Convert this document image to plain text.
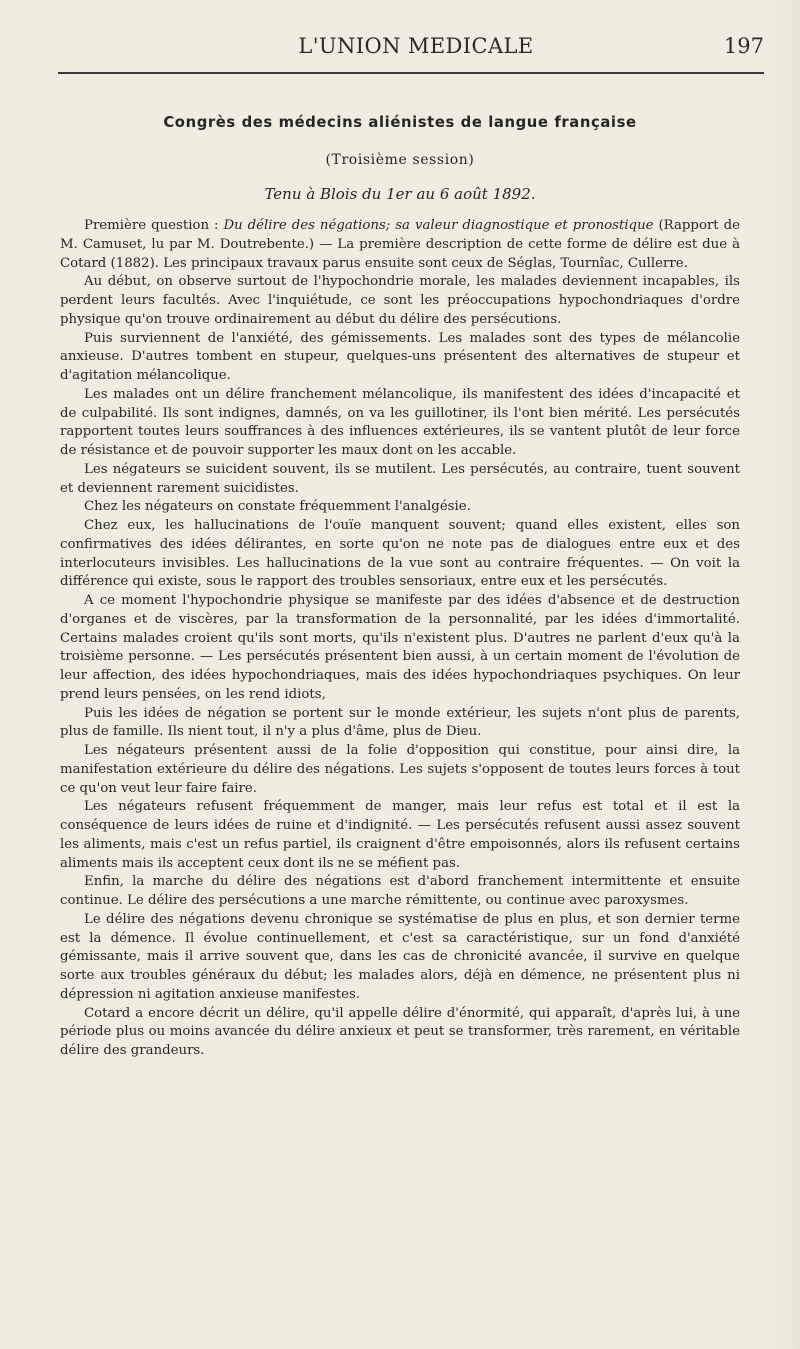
L'UNION MEDICALE	197
Congrès des médecins aliénistes de langue française
(Troisième session)
Tenu à Blois du 1er au 6 août 1892.

Première question : Du délire des négations; sa valeur diagnostique et pronostique (Rapport de M. Camuset, lu par M. Doutrebente.) — La première description de cette forme de délire est due à Cotard (1882). Les principaux travaux parus ensuite sont ceux de Séglas, Tournîac, Cullerre.

Au début, on observe surtout de l'hypochondrie morale, les malades deviennent incapables, ils perdent leurs facultés. Avec l'inquiétude, ce sont les préoccupations hypochondriaques d'ordre physique qu'on trouve ordinairement au début du délire des persécutions.

Puis surviennent de l'anxiété, des gémissements. Les malades sont des types de mélancolie anxieuse. D'autres tombent en stupeur, quelques-uns présentent des alternatives de stupeur et d'agitation mélancolique.

Les malades ont un délire franchement mélancolique, ils manifestent des idées d'incapacité et de culpabilité. Ils sont indignes, damnés, on va les guillotiner, ils l'ont bien mérité. Les persécutés rapportent toutes leurs souffrances à des influences extérieures, ils se vantent plutôt de leur force de résistance et de pouvoir supporter les maux dont on les accable.

Les négateurs se suicident souvent, ils se mutilent. Les persécutés, au contraire, tuent souvent et deviennent rarement suicidistes.

Chez les négateurs on constate fréquemment l'analgésie.

Chez eux, les hallucinations de l'ouïe manquent souvent; quand elles existent, elles son confirmatives des idées délirantes, en sorte qu'on ne note pas de dialogues entre eux et des interlocuteurs invisibles. Les hallucinations de la vue sont au contraire fréquentes. — On voit la différence qui existe, sous le rapport des troubles sensoriaux, entre eux et les persécutés.

A ce moment l'hypochondrie physique se manifeste par des idées d'absence et de destruction d'organes et de viscères, par la transformation de la personnalité, par les idées d'immortalité. Certains malades croient qu'ils sont morts, qu'ils n'existent plus. D'autres ne parlent d'eux qu'à la troisième personne. — Les persécutés présentent bien aussi, à un certain moment de l'évolution de leur affection, des idées hypochondriaques, mais des idées hypochondriaques psychiques. On leur prend leurs pensées, on les rend idiots,

Puis les idées de négation se portent sur le monde extérieur, les sujets n'ont plus de parents, plus de famille. Ils nient tout, il n'y a plus d'âme, plus de Dieu.

Les négateurs présentent aussi de la folie d'opposition qui constitue, pour ainsi dire, la manifestation extérieure du délire des négations. Les sujets s'opposent de toutes leurs forces à tout ce qu'on veut leur faire faire.

Les négateurs refusent fréquemment de manger, mais leur refus est total et il est la conséquence de leurs idées de ruine et d'indignité. — Les persécutés refusent aussi assez souvent les aliments, mais c'est un refus partiel, ils craignent d'être empoisonnés, alors ils refusent certains aliments mais ils acceptent ceux dont ils ne se méfient pas.

Enfin, la marche du délire des négations est d'abord franchement intermittente et ensuite continue. Le délire des persécutions a une marche rémittente, ou continue avec paroxysmes.

Le délire des négations devenu chronique se systématise de plus en plus, et son dernier terme est la démence. Il évolue continuellement, et c'est sa caractéristique, sur un fond d'anxiété gémissante, mais il arrive souvent que, dans les cas de chronicité avancée, il survive en quelque sorte aux troubles généraux du début; les malades alors, déjà en démence, ne présentent plus ni dépression ni agitation anxieuse manifestes.

Cotard a encore décrit un délire, qu'il appelle délire d'énormité, qui apparaît, d'après lui, à une période plus ou moins avancée du délire anxieux et peut se transformer, très rarement, en véritable délire des grandeurs.
